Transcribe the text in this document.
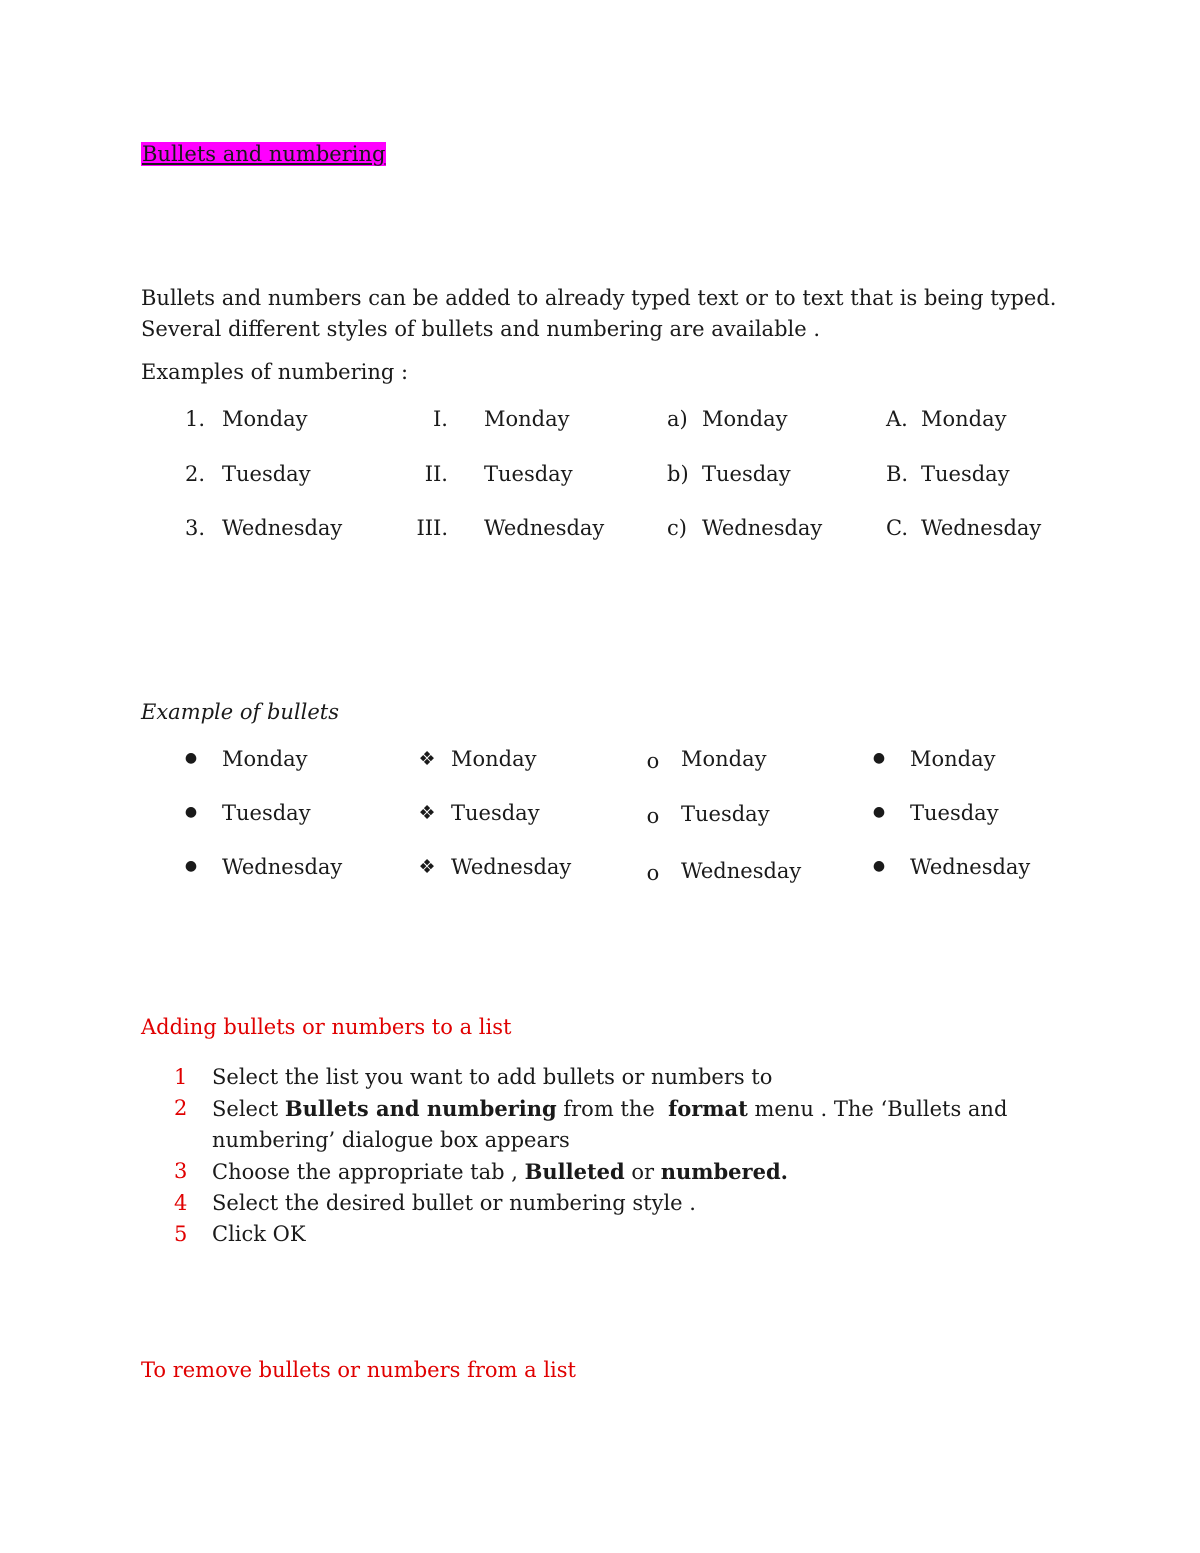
Bullets and numbering
Bullets and numbers can be added to already typed text or to text that is being typed. Several different styles of bullets and numbering are available .
Examples of numbering :
1. Monday
2. Tuesday
3. Wednesday
I. Monday
II. Tuesday
III. Wednesday
a) Monday
b) Tuesday
c) Wednesday
A. Monday
B. Tuesday
C. Wednesday
Example of bullets
● Monday
● Tuesday
● Wednesday
❖ Monday
❖ Tuesday
❖ Wednesday
o Monday
o Tuesday
o Wednesday
● Monday
● Tuesday
● Wednesday
Adding bullets or numbers to a list
1	Select the list you want to add bullets or numbers to
2	Select Bullets and numbering from the  format menu . The ‘Bullets and numbering’ dialogue box appears
3	Choose the appropriate tab , Bulleted or numbered.
4	Select the desired bullet or numbering style .
5	Click OK
To remove bullets or numbers from a list
